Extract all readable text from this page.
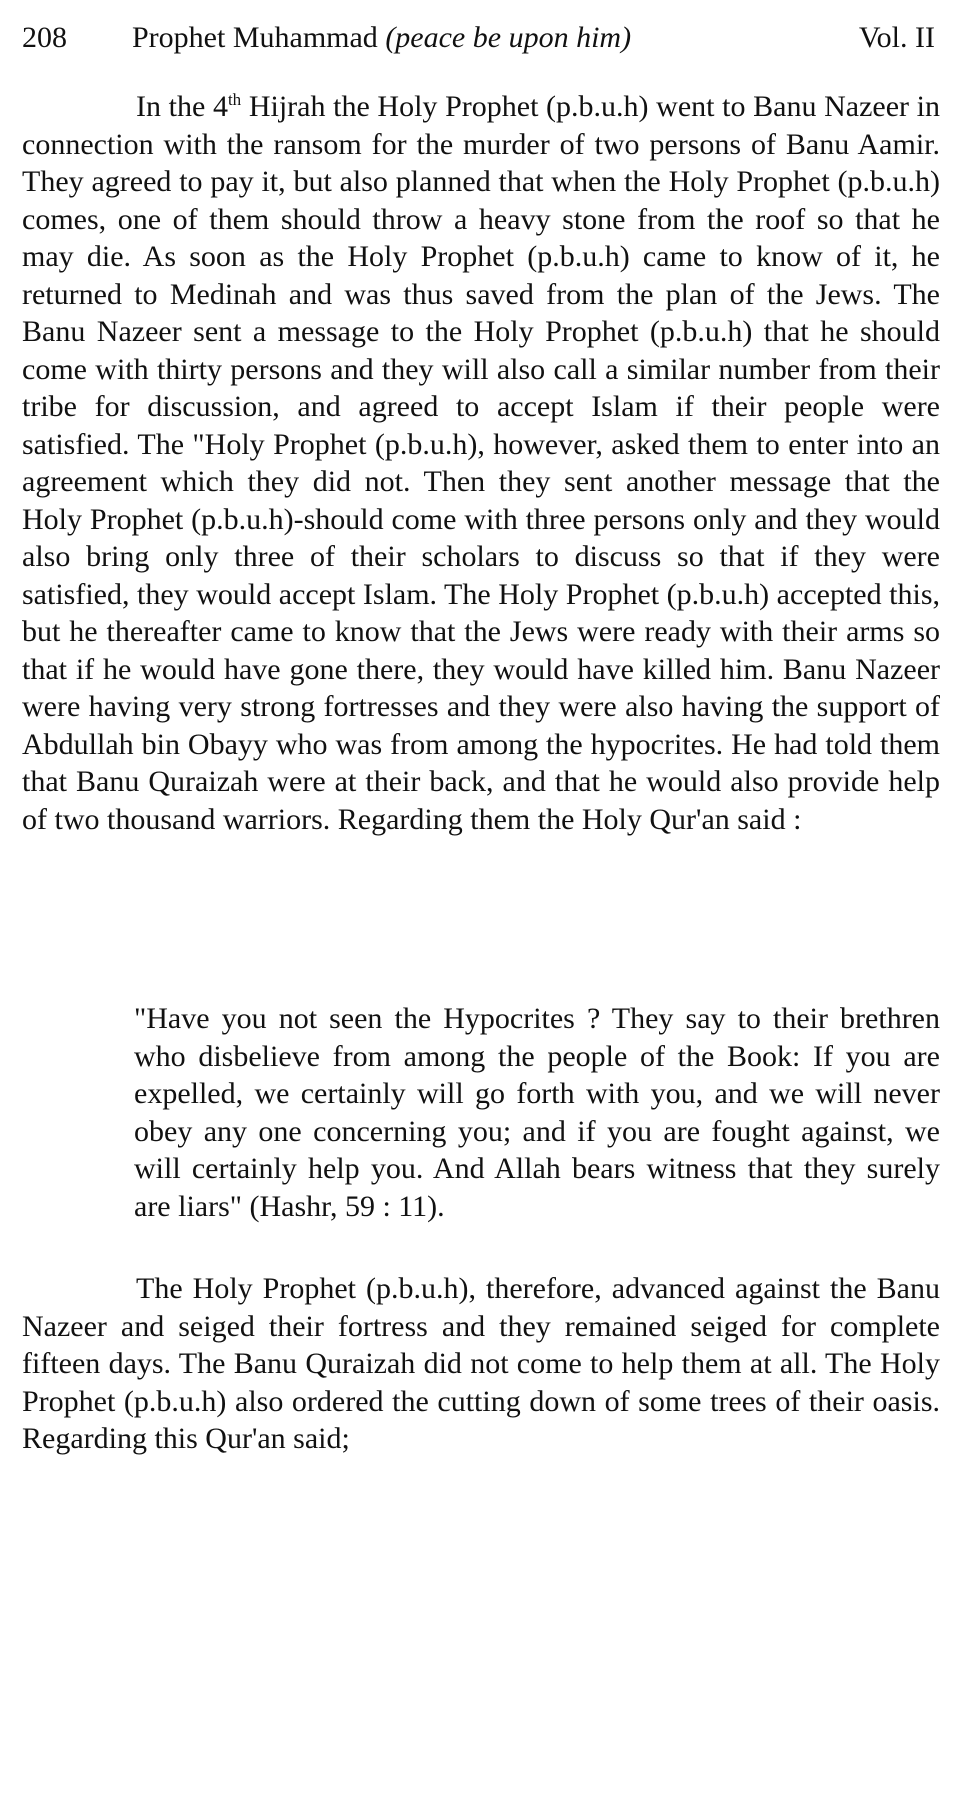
208 Prophet Muhammad (peace be upon him)	Vol. II

In the 4th Hijrah the Holy Prophet (p.b.u.h) went to Banu Nazeer in connection with the ransom for the murder of two persons of Banu Aamir. They agreed to pay it, but also planned that when the Holy Prophet (p.b.u.h) comes, one of them should throw a heavy stone from the roof so that he may die. As soon as the Holy Prophet (p.b.u.h) came to know of it, he returned to Medinah and was thus saved from the plan of the Jews. The Banu Nazeer sent a message to the Holy Prophet (p.b.u.h) that he should come with thirty persons and they will also call a similar number from their tribe for discussion, and agreed to accept Islam if their people were satisfied. The "Holy Prophet (p.b.u.h), however, asked them to enter into an agreement which they did not. Then they sent another message that the Holy Prophet (p.b.u.h)-should come with three persons only and they would also bring only three of their scholars to discuss so that if they were satisfied, they would accept Islam. The Holy Prophet (p.b.u.h) accepted this, but he thereafter came to know that the Jews were ready with their arms so that if he would have gone there, they would have killed him. Banu Nazeer were having very strong fortresses and they were also having the support of Abdullah bin Obayy who was from among the hypocrites. He had told them that Banu Quraizah were at their back, and that he would also provide help of two thousand warriors. Regarding them the Holy Qur'an said :

"Have you not seen the Hypocrites ? They say to their brethren who disbelieve from among the people of the Book: If you are expelled, we certainly will go forth with you, and we will never obey any one concerning you; and if you are fought against, we will certainly help you. And Allah bears witness that they surely are liars" (Hashr, 59 : 11).

The Holy Prophet (p.b.u.h), therefore, advanced against the Banu Nazeer and seiged their fortress and they remained seiged for complete fifteen days. The Banu Quraizah did not come to help them at all. The Holy Prophet (p.b.u.h) also ordered the cutting down of some trees of their oasis. Regarding this Qur'an said;
